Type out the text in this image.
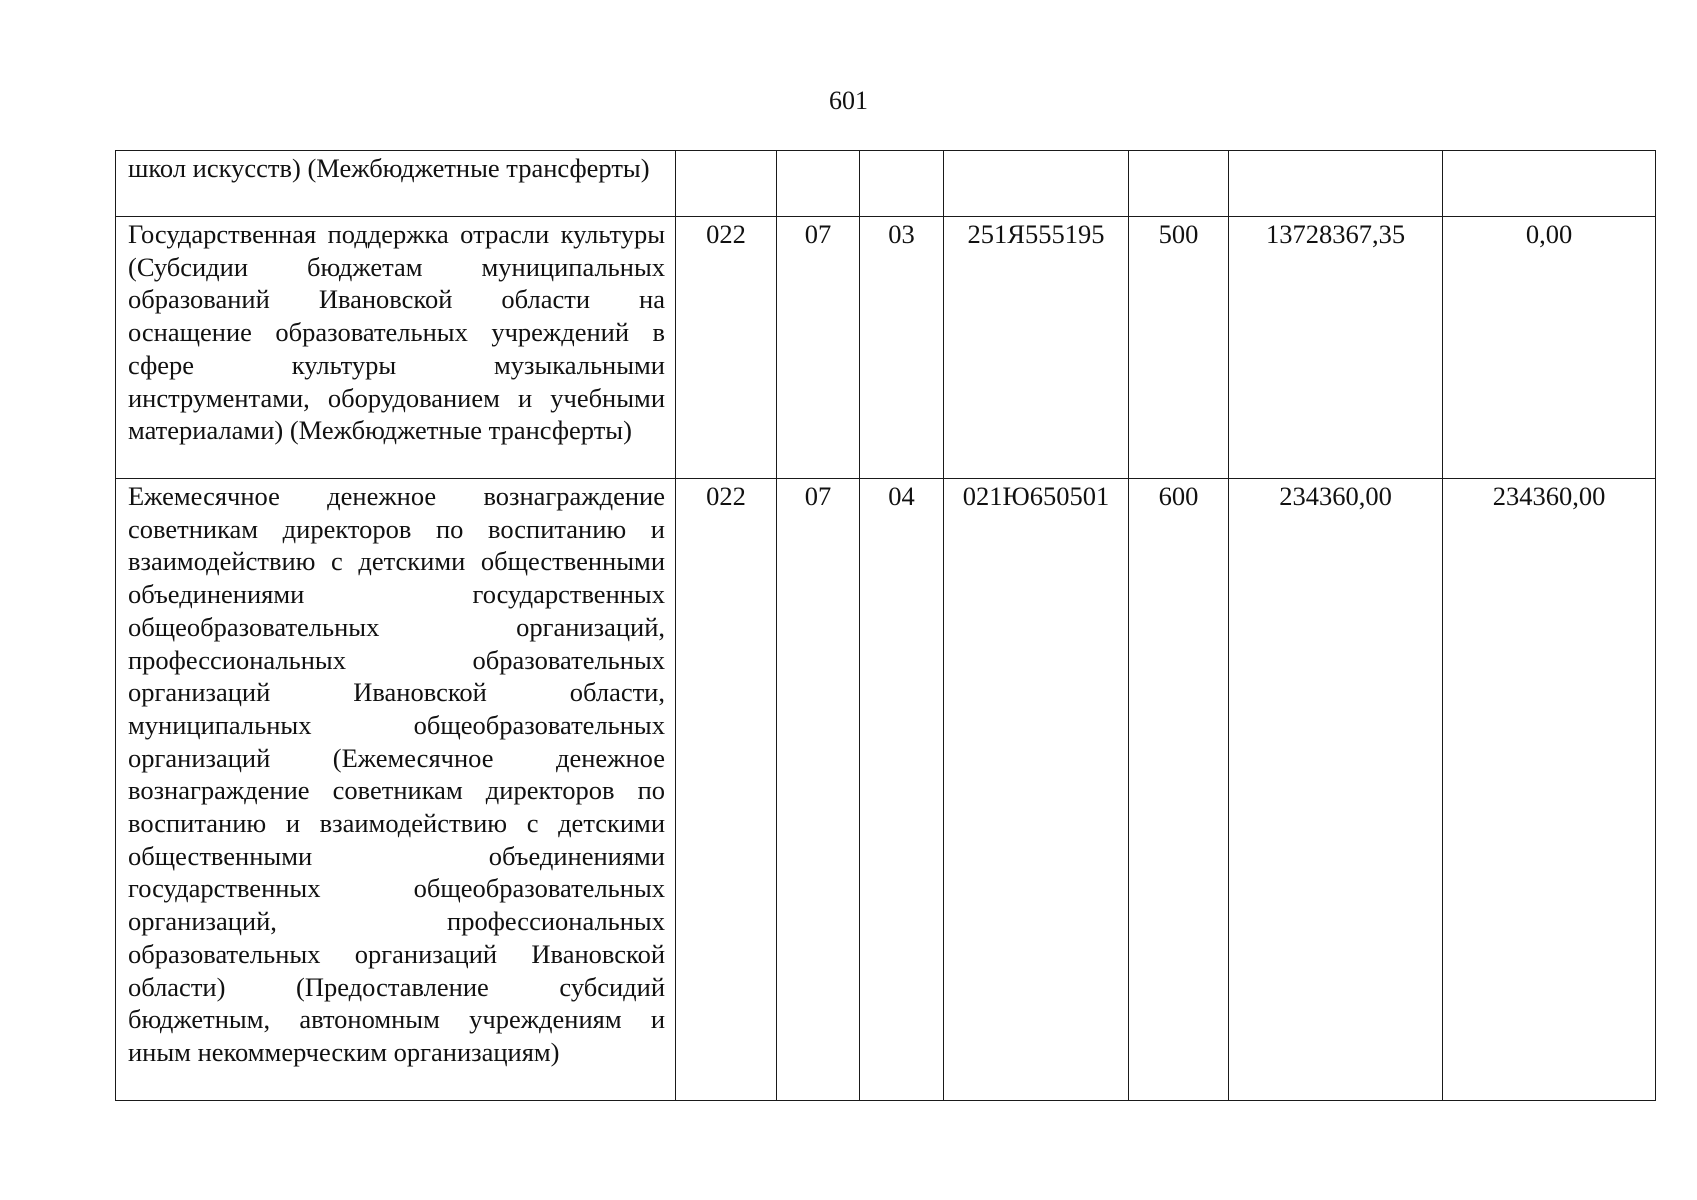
601
школ искусств) (Межбюджетные трансферты)							

Государственная поддержка отрасли культуры (Субсидии бюджетам муниципальных образований Ивановской области на оснащение образовательных учреждений в сфере культуры музыкальными инструментами, оборудованием и учебными материалами) (Межбюджетные трансферты)	022	07	03	251Я555195	500	13728367,35	0,00

Ежемесячное денежное вознаграждение советникам директоров по воспитанию и взаимодействию с детскими общественными объединениями государственных общеобразовательных организаций, профессиональных образовательных организаций Ивановской области, муниципальных общеобразовательных организаций (Ежемесячное денежное вознаграждение советникам директоров по воспитанию и взаимодействию с детскими общественными объединениями государственных общеобразовательных организаций, профессиональных образовательных организаций Ивановской области) (Предоставление субсидий бюджетным, автономным учреждениям и иным некоммерческим организациям)	022	07	04	021Ю650501	600	234360,00	234360,00
